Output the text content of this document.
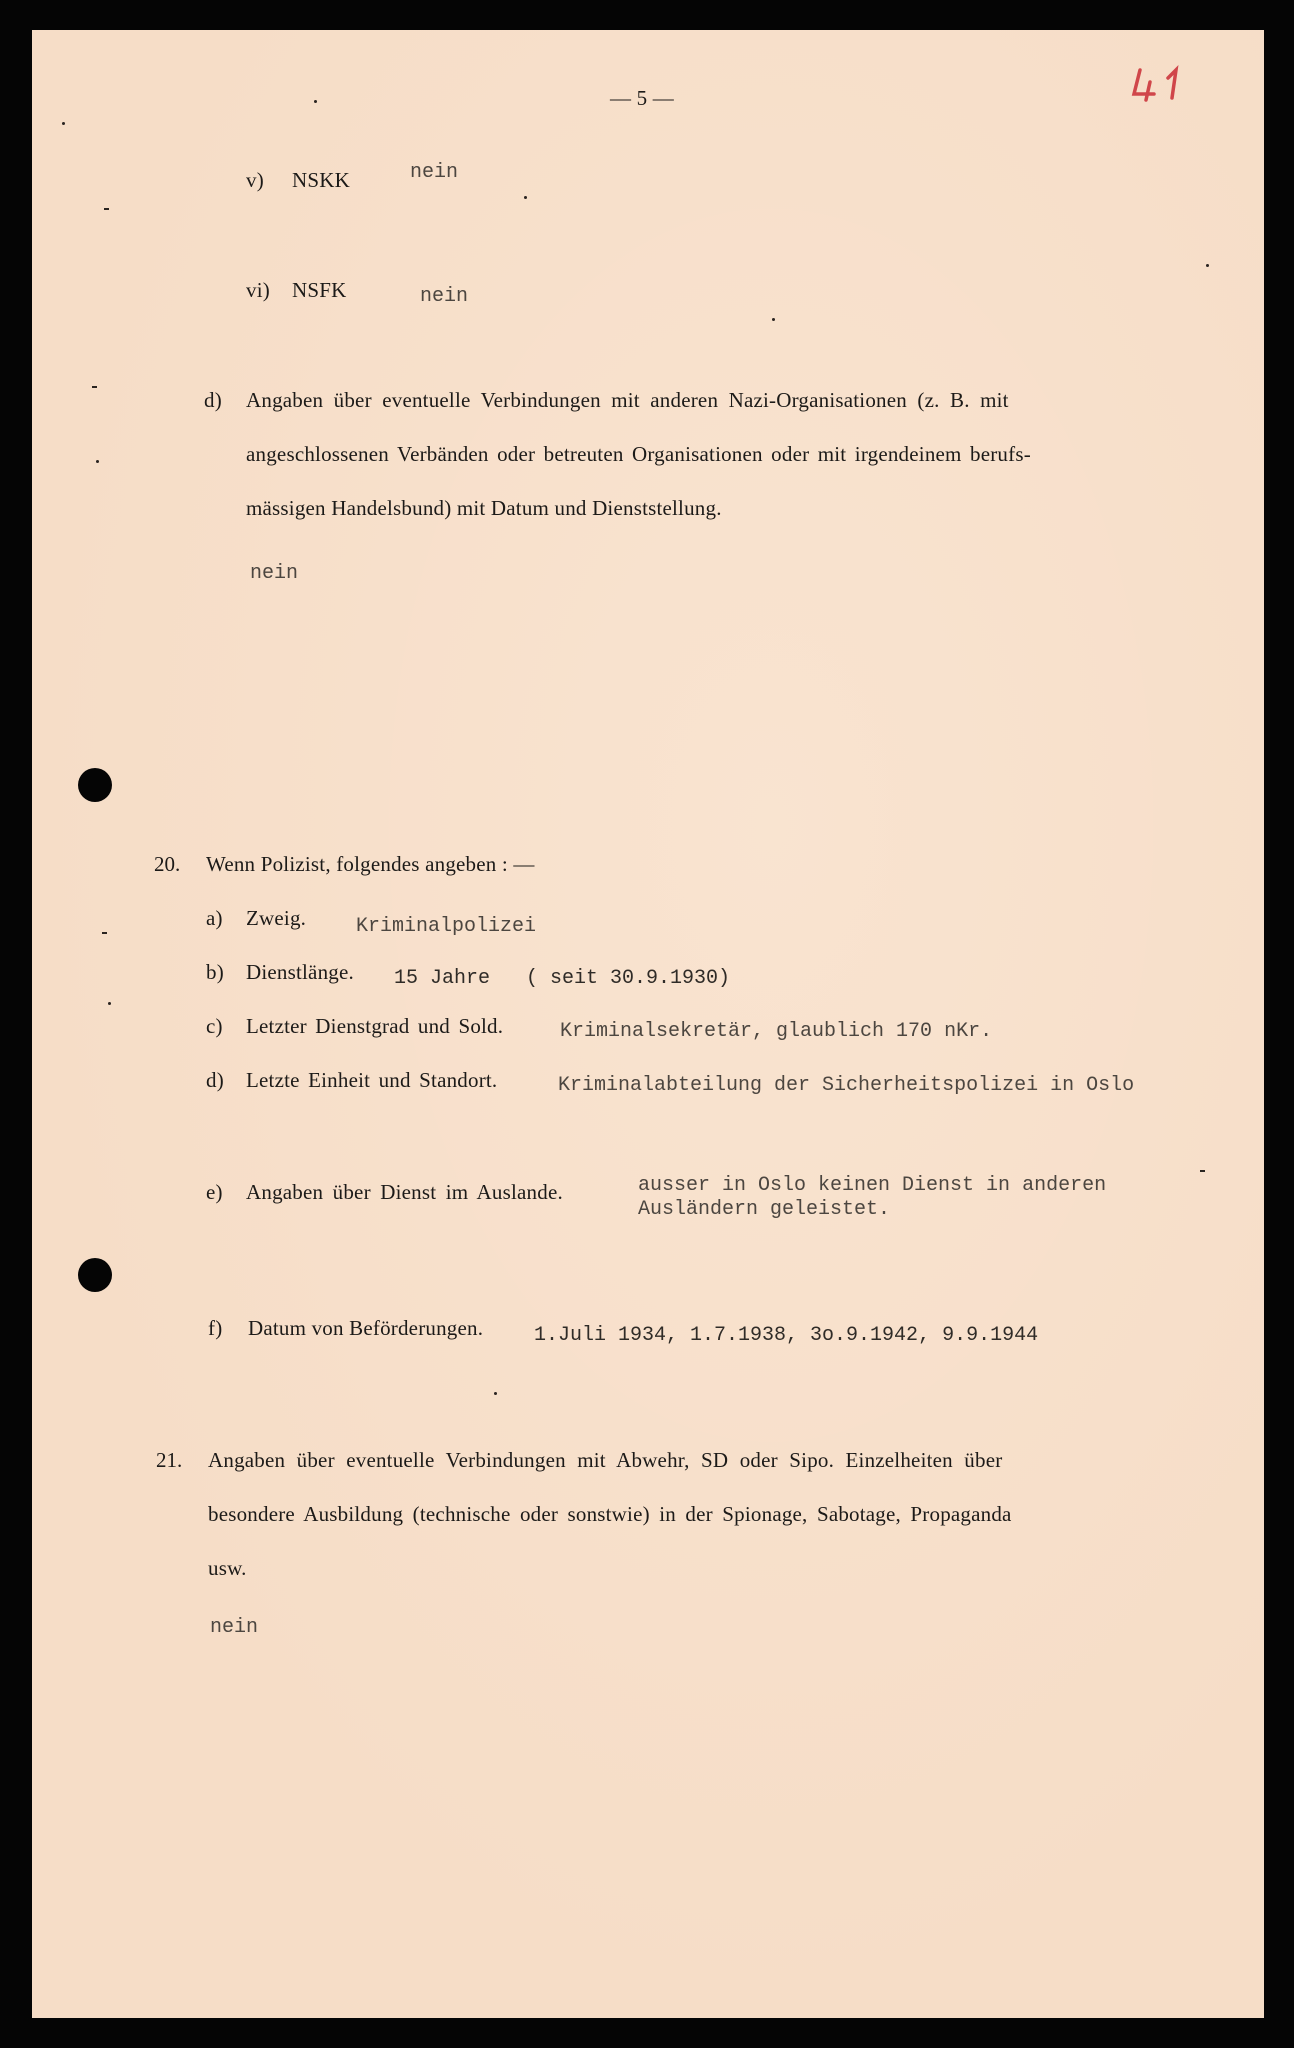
— 5 —
v) NSKK	nein
vi) NSFK	nein
d) Angaben über eventuelle Verbindungen mit anderen Nazi-Organisationen (z. B. mit
angeschlossenen Verbänden oder betreuten Organisationen oder mit irgendeinem berufs-
mässigen Handelsbund) mit Datum und Dienststellung.
nein
20. Wenn Polizist, folgendes angeben : —
a) Zweig. Kriminalpolizei
b) Dienstlänge. 15 Jahre   ( seit 30.9.1930)
c) Letzter Dienstgrad und Sold.	Kriminalsekretär, glaublich 170 nKr.
d) Letzte Einheit und Standort.	Kriminalabteilung der Sicherheitspolizei in Oslo
e) Angaben über Dienst im Auslande.	ausser in Oslo keinen Dienst in anderen
Ausländern geleistet.
f) Datum von Beförderungen.	1.Juli 1934, 1.7.1938, 3o.9.1942, 9.9.1944
21. Angaben über eventuelle Verbindungen mit Abwehr, SD oder Sipo. Einzelheiten über
besondere Ausbildung (technische oder sonstwie) in der Spionage, Sabotage, Propaganda
usw.
nein
